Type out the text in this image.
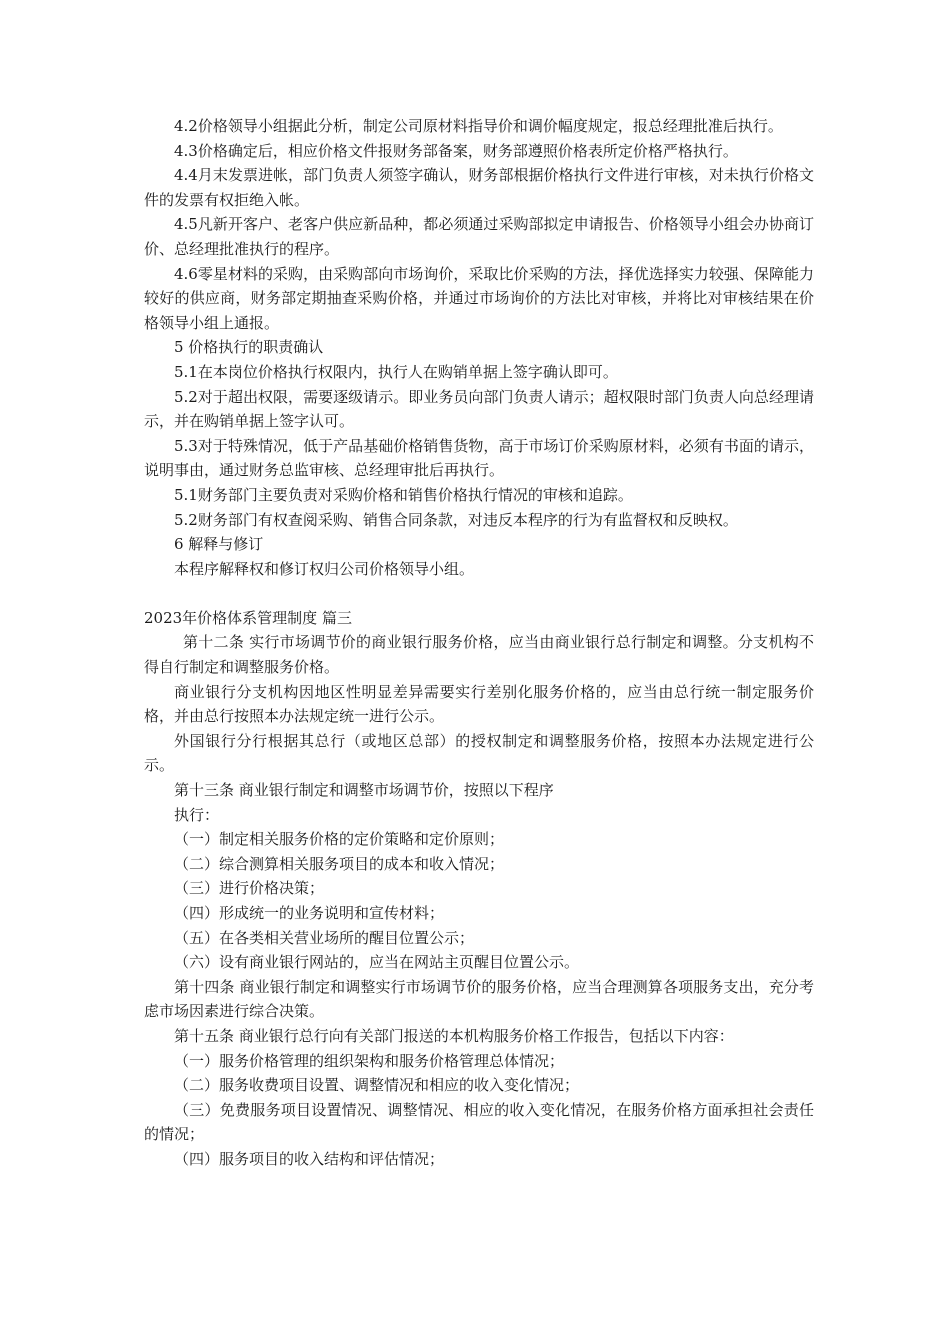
4.2价格领导小组据此分析，制定公司原材料指导价和调价幅度规定，报总经理批准后执行。

4.3价格确定后，相应价格文件报财务部备案，财务部遵照价格表所定价格严格执行。

4.4月末发票进帐，部门负责人须签字确认，财务部根据价格执行文件进行审核，对未执行价格文件的发票有权拒绝入帐。

4.5凡新开客户、老客户供应新品种，都必须通过采购部拟定申请报告、价格领导小组会办协商订价、总经理批准执行的程序。

4.6零星材料的采购，由采购部向市场询价，采取比价采购的方法，择优选择实力较强、保障能力较好的供应商，财务部定期抽查采购价格，并通过市场询价的方法比对审核，并将比对审核结果在价格领导小组上通报。

5 价格执行的职责确认

5.1在本岗位价格执行权限内，执行人在购销单据上签字确认即可。

5.2对于超出权限，需要逐级请示。即业务员向部门负责人请示；超权限时部门负责人向总经理请示，并在购销单据上签字认可。

5.3对于特殊情况，低于产品基础价格销售货物，高于市场订价采购原材料，必须有书面的请示，说明事由，通过财务总监审核、总经理审批后再执行。

5.1财务部门主要负责对采购价格和销售价格执行情况的审核和追踪。

5.2财务部门有权查阅采购、销售合同条款，对违反本程序的行为有监督权和反映权。

6 解释与修订

本程序解释权和修订权归公司价格领导小组。

2023年价格体系管理制度 篇三

第十二条 实行市场调节价的商业银行服务价格，应当由商业银行总行制定和调整。分支机构不得自行制定和调整服务价格。

商业银行分支机构因地区性明显差异需要实行差别化服务价格的，应当由总行统一制定服务价格，并由总行按照本办法规定统一进行公示。

外国银行分行根据其总行（或地区总部）的授权制定和调整服务价格，按照本办法规定进行公示。

第十三条 商业银行制定和调整市场调节价，按照以下程序

执行：

（一）制定相关服务价格的定价策略和定价原则；

（二）综合测算相关服务项目的成本和收入情况；

（三）进行价格决策；

（四）形成统一的业务说明和宣传材料；

（五）在各类相关营业场所的醒目位置公示；

（六）设有商业银行网站的，应当在网站主页醒目位置公示。

第十四条 商业银行制定和调整实行市场调节价的服务价格，应当合理测算各项服务支出，充分考虑市场因素进行综合决策。

第十五条 商业银行总行向有关部门报送的本机构服务价格工作报告，包括以下内容：

（一）服务价格管理的组织架构和服务价格管理总体情况；

（二）服务收费项目设置、调整情况和相应的收入变化情况；

（三）免费服务项目设置情况、调整情况、相应的收入变化情况，在服务价格方面承担社会责任的情况；

（四）服务项目的收入结构和评估情况；
